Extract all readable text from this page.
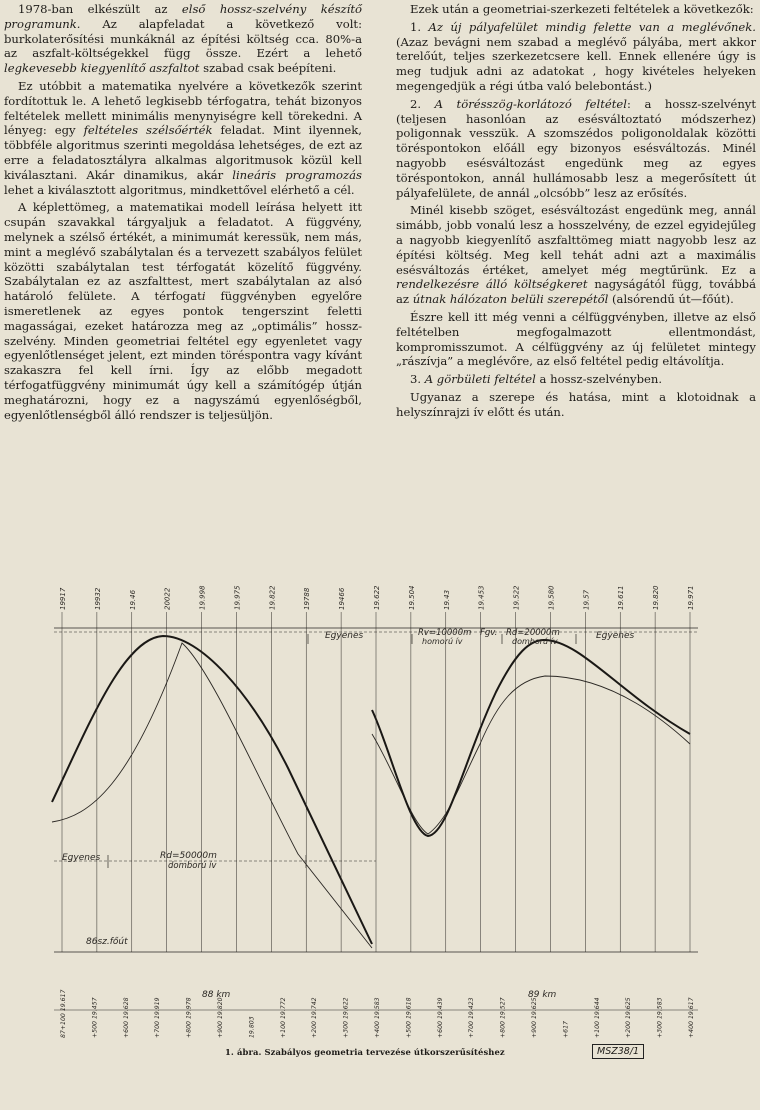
1978-ban elkészült az első hossz-szelvény készítő programunk. Az alapfeladat a következő volt: burkolaterősítési munkáknál az építési költség cca. 80%-a az aszfalt-költségekkel függ össze. Ezért a lehető legkevesebb kiegyenlítő aszfaltot szabad csak beépíteni.

Ez utóbbit a matematika nyelvére a következők szerint fordítottuk le. A lehető legkisebb térfogatra, tehát bizonyos feltételek mellett minimális menynyiségre kell törekedni. A lényeg: egy feltételes szélsőérték feladat. Mint ilyennek, többféle algoritmus szerinti megoldása lehetséges, de ezt az erre a feladatosztályra alkalmas algoritmusok közül kell kiválasztani. Akár dinamikus, akár lineáris programozás lehet a kiválasztott algoritmus, mindkettővel elérhető a cél.

A képlettömeg, a matematikai modell leírása helyett itt csupán szavakkal tárgyaljuk a feladatot. A függvény, melynek a szélső értékét, a minimumát keressük, nem más, mint a meglévő szabálytalan és a tervezett szabályos felület közötti szabálytalan test térfogatát közelítő függvény. Szabálytalan ez az aszfalttest, mert szabálytalan az alsó határoló felülete. A térfogati függvényben egyelőre ismeretlenek az egyes pontok tengerszint feletti magasságai, ezeket határozza meg az „optimális” hossz-szelvény. Minden geometriai feltétel egy egyenletet vagy egyenlőtlenséget jelent, ezt minden töréspontra vagy kívánt szakaszra fel kell írni. Így az előbb megadott térfogatfüggvény minimumát úgy kell a számítógép útján meghatározni, hogy ez a nagyszámú egyenlőségből, egyenlőtlenségből álló rendszer is teljesüljön.

Ezek után a geometriai-szerkezeti feltételek a következők:

1. Az új pályafelület mindig felette van a meglévőnek. (Azaz bevágni nem szabad a meglévő pályába, mert akkor terelőút, teljes szerkezetcsere kell. Ennek ellenére úgy is meg tudjuk adni az adatokat , hogy kivételes helyeken megengedjük a régi útba való belebontást.)

2. A törésszög-korlátozó feltétel: a hossz-szelvényt (teljesen hasonlóan az esésváltoztató módszerhez) poligonnak vesszük. A szomszédos poligonoldalak közötti töréspontokon előáll egy bizonyos esésváltozás. Minél nagyobb esésváltozást engedünk meg az egyes töréspontokon, annál hullámosabb lesz a megerősített út pályafelülete, de annál „olcsóbb” lesz az erősítés.

Minél kisebb szöget, esésváltozást engedünk meg, annál simább, jobb vonalú lesz a hosszelvény, de ezzel egyidejűleg a nagyobb kiegyenlítő aszfalttömeg miatt nagyobb lesz az építési költség. Meg kell tehát adni azt a maximális esésváltozás értéket, amelyet még megtűrünk. Ez a rendelkezésre álló költségkeret nagyságától függ, továbbá az útnak hálózaton belüli szerepétől (alsórendű út—főút).

Észre kell itt még venni a célfüggvényben, illetve az első feltételben megfogalmazott ellentmondást, kompromisszumot. A célfüggvény az új felületet mintegy „rászívja” a meglévőre, az első feltétel pedig eltávolítja.

3. A görbületi feltétel a hossz-szelvényben.

Ugyanaz a szerepe és hatása, mint a klotoidnak a helyszínrajzi ív előtt és után.

19917	19932	19.46	20022	19.998	19.975	19.822	19788	19466	19.622	19.504	19.43	19.453	19.522	19.580	19.57	19.611	19.820	19.971
87+100 19.617	+500 19.457	+600 19.628	+700 19.919	+800 19.978	+900 19.820	19.803	+100 19.772	+200 19.742	+300 19.622	+400 19.583	+500 19.618	+600 19.439	+700 19.423	+800 19.527	+900 19.625	+617	+100 19.644	+200 19.625	+300 19.583	+400 19.617
Egyenes	Rv=10000m Fgv.
homorú ív
Rd=20000m
domború ív
Egyenes
Egyenes	Rd=50000m
domború ív
86sz.főút
88 km	89 km
1. ábra. Szabályos geometria tervezése útkorszerűsítéshez	MSZ38/1
